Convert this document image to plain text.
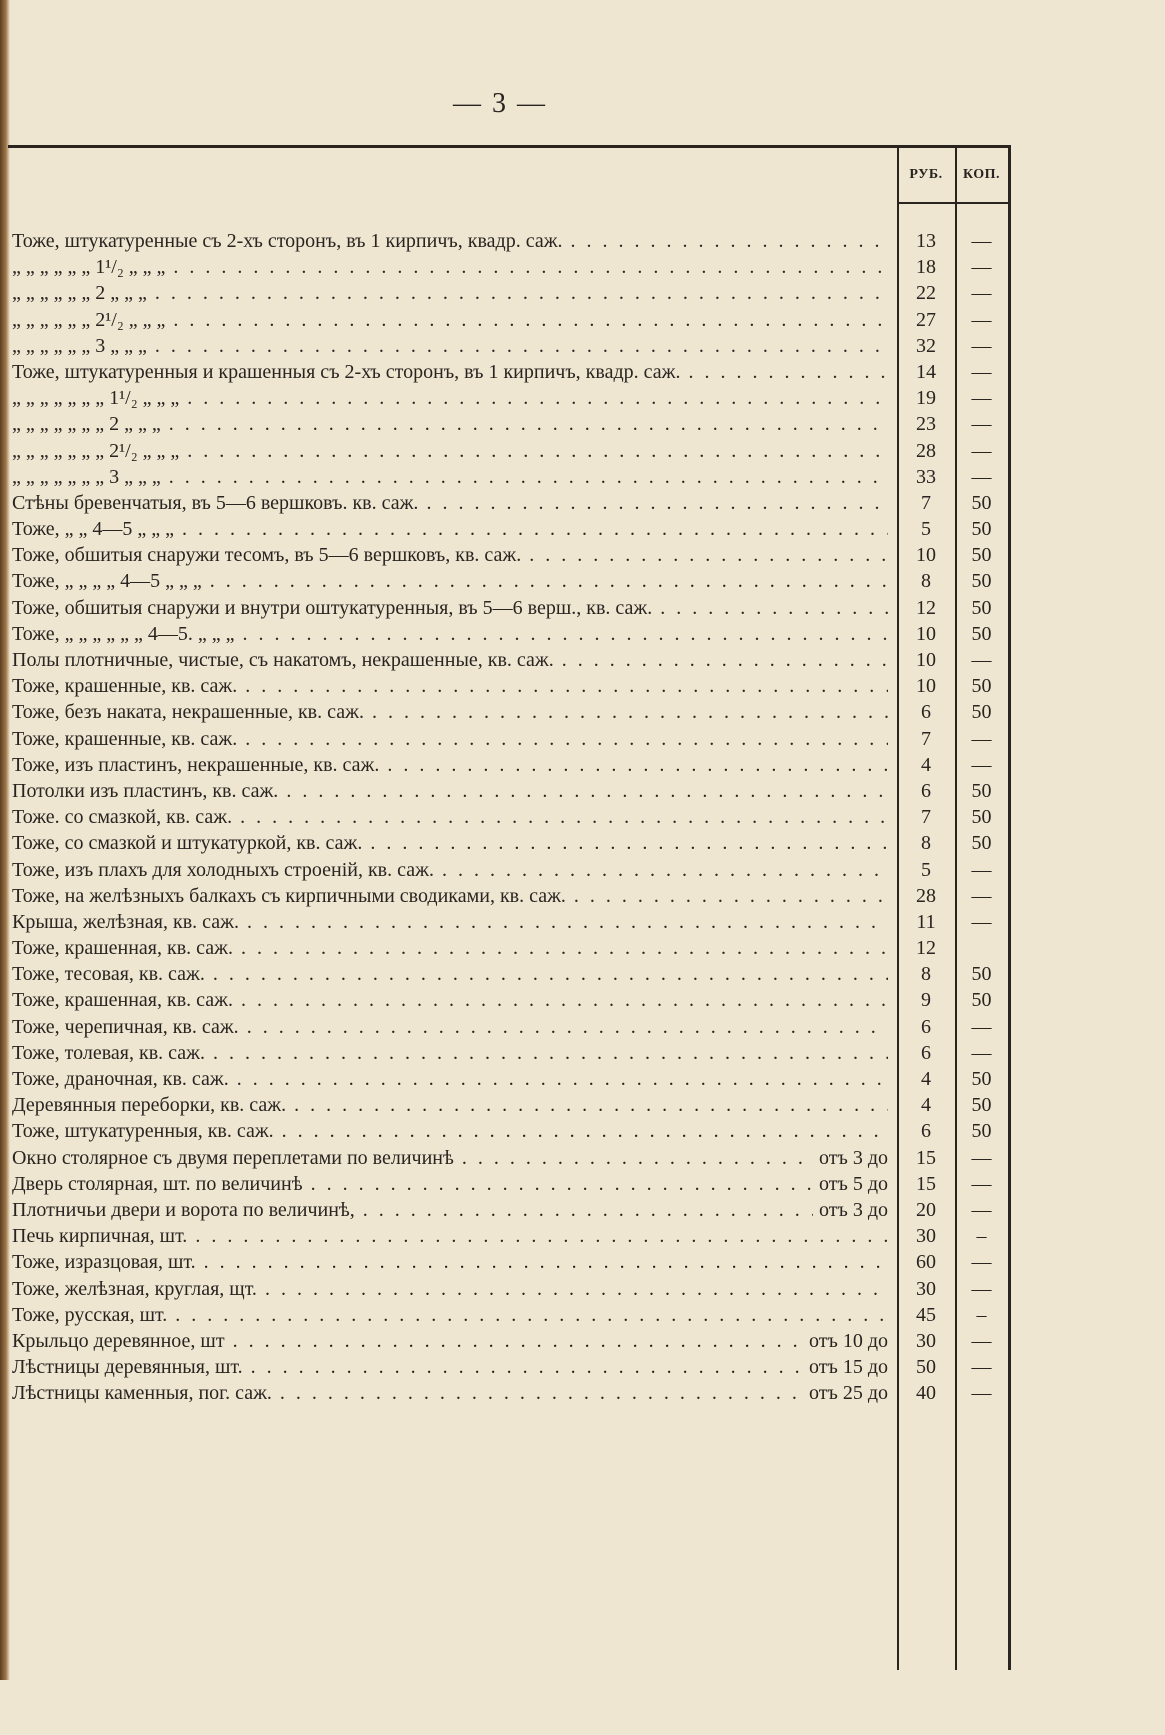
— 3 —
РУБ.	КОП.
Тоже, штукатуренные съ 2-хъ сторонъ, въ 1 кирпичъ, квадр. саж. . . .	13	—
„ „ „ „ „ „ 1¹/₂ „ „ „ . . .	18	—
„ „ „ „ „ „ 2 „ „ „ . . .	22	—
„ „ „ „ „ „ 2¹/₂ „ „ „ . . .	27	—
„ „ „ „ „ „ 3 „ „ „ . . .	32	—
Тоже, штукатуренныя и крашенныя съ 2-хъ сторонъ, въ 1 кирпичъ, квадр. саж. . . .	14	—
„ „ „ „ „ „ „ 1¹/₂ „ „ „ . . .	19	—
„ „ „ „ „ „ „ 2 „ „ „ . . .	23	—
„ „ „ „ „ „ „ 2¹/₂ „ „ „ . . .	28	—
„ „ „ „ „ „ „ 3 „ „ „ . . .	33	—
Стѣны бревенчатыя, въ 5—6 вершковъ. кв. саж. . . .	7	50
Тоже, „ „ 4—5 „ „ „ . . .	5	50
Тоже, обшитыя снаружи тесомъ, въ 5—6 вершковъ, кв. саж. . . .	10	50
Тоже, „ „ „ „ 4—5 „ „ „ . . .	8	50
Тоже, обшитыя снаружи и внутри оштукатуренныя, въ 5—6 верш., кв. саж. . . .	12	50
Тоже, „ „ „ „ „ „ 4—5. „ „ „ . . .	10	50
Полы плотничные, чистые, съ накатомъ, некрашенные, кв. саж. . . .	10	—
Тоже, крашенные, кв. саж. . . .	10	50
Тоже, безъ наката, некрашенные, кв. саж. . . .	6	50
Тоже, крашенные, кв. саж. . . .	7	—
Тоже, изъ пластинъ, некрашенные, кв. саж. . . .	4	—
Потолки изъ пластинъ, кв. саж. . . .	6	50
Тоже. со смазкой, кв. саж. . . .	7	50
Тоже, со смазкой и штукатуркой, кв. саж. . . .	8	50
Тоже, изъ плахъ для холодныхъ строеній, кв. саж. . . .	5	—
Тоже, на желѣзныхъ балкахъ съ кирпичными сводиками, кв. саж. . . .	28	—
Крыша, желѣзная, кв. саж. . . .	11	—
Тоже, крашенная, кв. саж. . . .	12
Тоже, тесовая, кв. саж. . . .	8	50
Тоже, крашенная, кв. саж. . . .	9	50
Тоже, черепичная, кв. саж. . . .	6	—
Тоже, толевая, кв. саж. . . .	6	—
Тоже, драночная, кв. саж. . . .	4	50
Деревянныя переборки, кв. саж. . . .	4	50
Тоже, штукатуренныя, кв. саж. . . .	6	50
Окно столярное съ двумя переплетами по величинѣ . . .	отъ 3 до	15	—
Дверь столярная, шт. по величинѣ . . .	отъ 5 до	15	—
Плотничьи двери и ворота по величинѣ, . . .	отъ 3 до	20	—
Печь кирпичная, шт. . . .	30	–
Тоже, изразцовая, шт. . . .	60	—
Тоже, желѣзная, круглая, щт. . . .	30	—
Тоже, русская, шт. . . .	45	–
Крыльцо деревянное, шт . . .	отъ 10 до	30	—
Лѣстницы деревянныя, шт. . . .	отъ 15 до	50	—
Лѣстницы каменныя, пог. саж. . . .	отъ 25 до	40	—
